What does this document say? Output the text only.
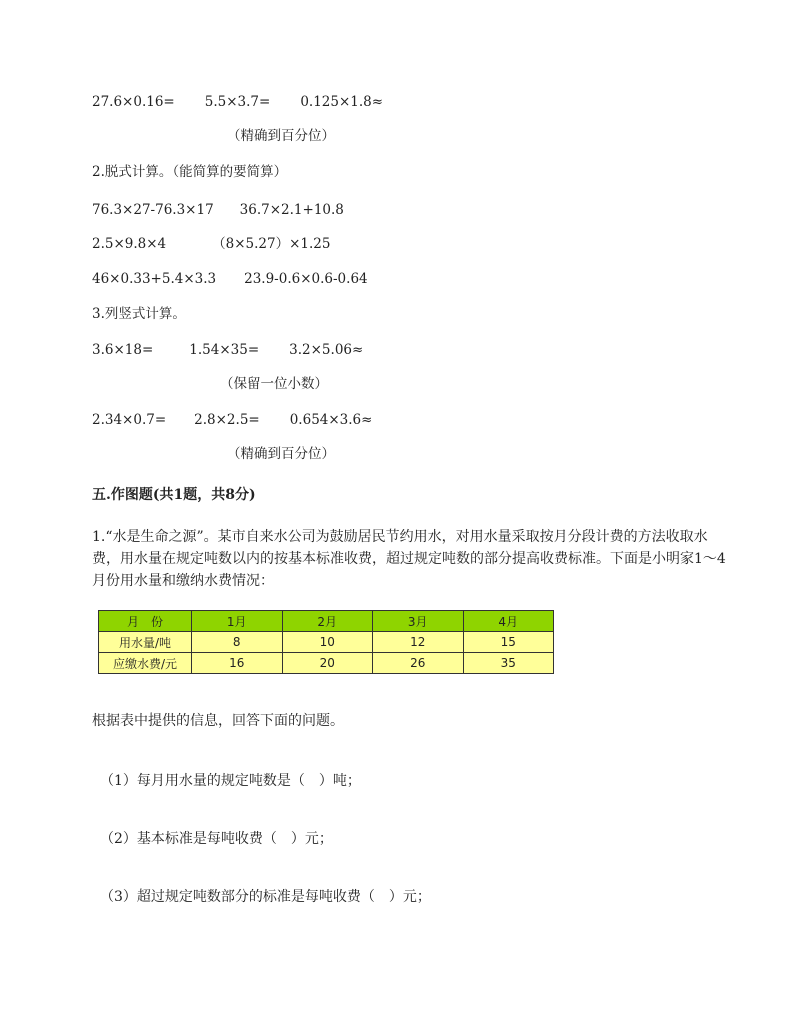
27.6×0.16= 5.5×3.7= 0.125×1.8≈
（精确到百分位）
2.脱式计算。（能简算的要简算）
76.3×27-76.3×17 36.7×2.1+10.8
2.5×9.8×4	（8×5.27）×1.25
46×0.33+5.4×3.3 23.9-0.6×0.6-0.64
3.列竖式计算。
3.6×18=	1.54×35= 3.2×5.06≈
（保留一位小数）
2.34×0.7= 2.8×2.5= 0.654×3.6≈
（精确到百分位）
五.作图题(共1题，共8分)
1.“水是生命之源”。某市自来水公司为鼓励居民节约用水，对用水量采取按月分段计费的方法收取水费，用水量在规定吨数以内的按基本标准收费，超过规定吨数的部分提高收费标准。下面是小明家1～4月份用水量和缴纳水费情况：
月　份	1月	2月	3月	4月
用水量/吨	8	10	12	15
应缴水费/元	16	20	26	35
根据表中提供的信息，回答下面的问题。
（1）每月用水量的规定吨数是（　）吨；
（2）基本标准是每吨收费（　）元；
（3）超过规定吨数部分的标准是每吨收费（　）元；
